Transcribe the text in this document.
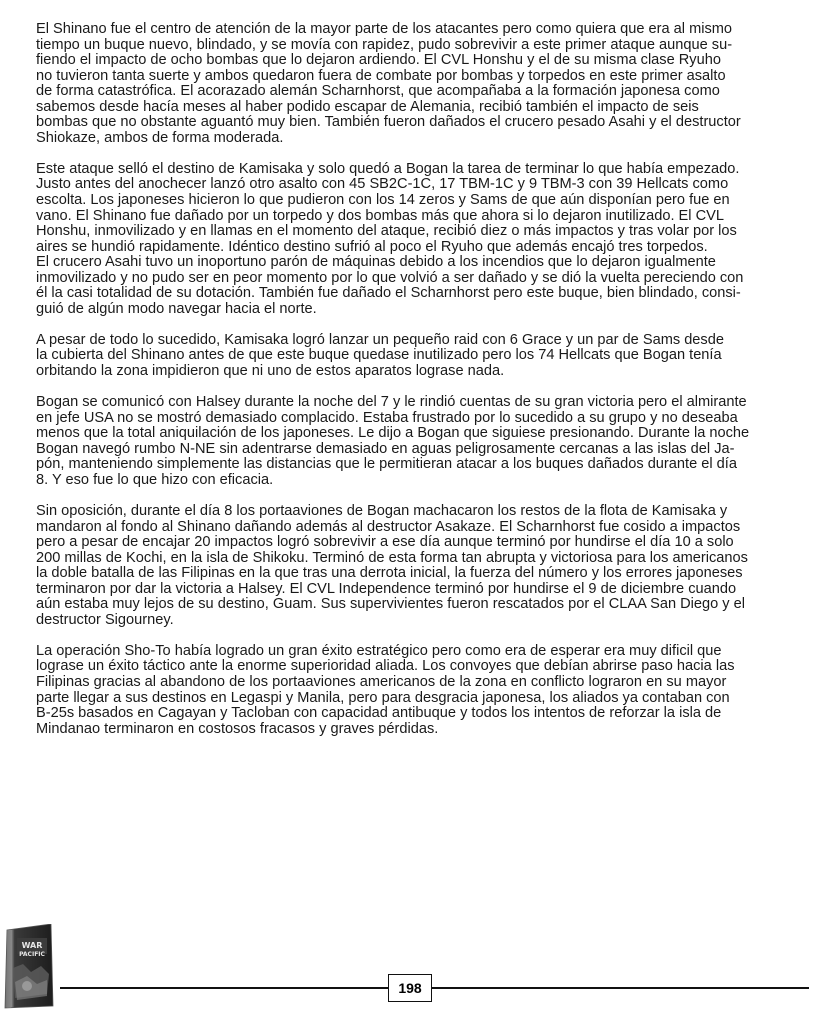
El Shinano fue el centro de atención de la mayor parte de los atacantes pero como quiera que era al mismo
tiempo un buque nuevo, blindado, y se movía con rapidez, pudo sobrevivir a este primer ataque aunque su-
fiendo el impacto de ocho bombas que lo dejaron ardiendo. El CVL Honshu y el de su misma clase Ryuho
no tuvieron tanta suerte y ambos quedaron fuera de combate por bombas y torpedos en este primer asalto
de forma catastrófica. El acorazado alemán Scharnhorst, que acompañaba a la formación japonesa como
sabemos desde hacía meses al haber podido escapar de Alemania, recibió también el impacto de seis
bombas que no obstante aguantó muy bien. También fueron dañados el crucero pesado Asahi y el destructor
Shiokaze, ambos de forma moderada.

Este ataque selló el destino de Kamisaka y solo quedó a Bogan la tarea de terminar lo que había empezado.
Justo antes del anochecer lanzó otro asalto con 45 SB2C-1C, 17 TBM-1C y 9 TBM-3 con 39 Hellcats como
escolta. Los japoneses hicieron lo que pudieron con los 14 zeros y Sams de que aún disponían pero fue en
vano. El Shinano fue dañado por un torpedo y dos bombas más que ahora si lo dejaron inutilizado. El CVL
Honshu, inmovilizado y en llamas en el momento del ataque, recibió diez o más impactos y tras volar por los
aires se hundió rapidamente. Idéntico destino sufrió al poco el Ryuho que además encajó tres torpedos.
El crucero Asahi tuvo un inoportuno parón de máquinas debido a los incendios que lo dejaron igualmente
inmovilizado y no pudo ser en peor momento por lo que volvió a ser dañado y se dió la vuelta pereciendo con
él la casi totalidad de su dotación. También fue dañado el Scharnhorst pero este buque, bien blindado, consi-
guió de algún modo navegar hacia el norte.

A pesar de todo lo sucedido, Kamisaka logró lanzar un pequeño raid con 6 Grace y un par de Sams desde
la cubierta del Shinano antes de que este buque quedase inutilizado pero los 74 Hellcats que Bogan tenía
orbitando la zona impidieron que ni uno de estos aparatos lograse nada.

Bogan se comunicó con Halsey durante la noche del 7 y le rindió cuentas de su gran victoria pero el almirante
en jefe USA no se mostró demasiado complacido. Estaba frustrado por lo sucedido a su grupo y no deseaba
menos que la total aniquilación de los japoneses. Le dijo a Bogan que siguiese presionando. Durante la noche
Bogan navegó rumbo N-NE sin adentrarse demasiado en aguas peligrosamente cercanas a las islas del Ja-
pón, manteniendo simplemente las distancias que le permitieran atacar a los buques dañados durante el día
8. Y eso fue lo que hizo con eficacia.

Sin oposición, durante el día 8 los portaaviones de Bogan machacaron los restos de la flota de Kamisaka y
mandaron al fondo al Shinano dañando además al destructor Asakaze. El Scharnhorst fue cosido a impactos
pero a pesar de encajar 20 impactos logró sobrevivir a ese día aunque terminó por hundirse el día 10 a solo
200 millas de Kochi, en la isla de Shikoku. Terminó de esta forma tan abrupta y victoriosa para los americanos
la doble batalla de las Filipinas en la que tras una derrota inicial, la fuerza del número y los errores japoneses
terminaron por dar la victoria a Halsey. El CVL Independence terminó por hundirse el 9 de diciembre cuando
aún estaba muy lejos de su destino, Guam. Sus supervivientes fueron rescatados por el CLAA San Diego y el
destructor Sigourney.

La operación Sho-To había logrado un gran éxito estratégico pero como era de esperar era muy dificil que
lograse un éxito táctico ante la enorme superioridad aliada. Los convoyes que debían abrirse paso hacia las
Filipinas gracias al abandono de los portaaviones americanos de la zona en conflicto lograron en su mayor
parte llegar a sus destinos en Legaspi y Manila, pero para desgracia japonesa, los aliados ya contaban con
B-25s basados en Cagayan y Tacloban con capacidad antibuque y todos los intentos de reforzar la isla de
Mindanao terminaron en costosos fracasos y graves pérdidas.

198
WAR
PACIFIC
